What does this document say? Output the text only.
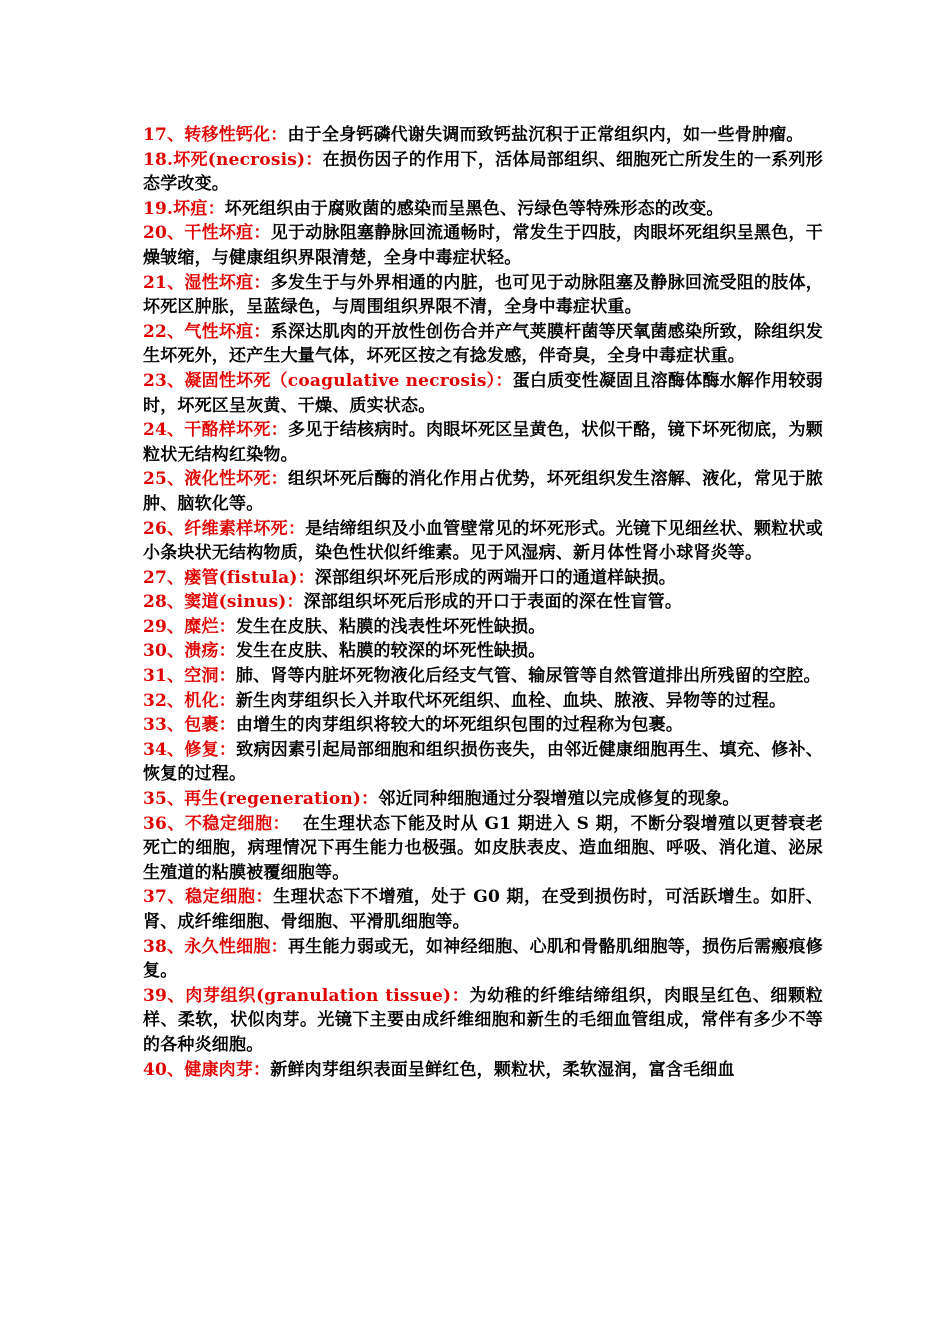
17、转移性钙化：由于全身钙磷代谢失调而致钙盐沉积于正常组织内，如一些骨肿瘤。

18.坏死(necrosis)：在损伤因子的作用下，活体局部组织、细胞死亡所发生的一系列形态学改变。

19.坏疽：坏死组织由于腐败菌的感染而呈黑色、污绿色等特殊形态的改变。

20、干性坏疽：见于动脉阻塞静脉回流通畅时，常发生于四肢，肉眼坏死组织呈黑色，干燥皱缩，与健康组织界限清楚，全身中毒症状轻。

21、湿性坏疽：多发生于与外界相通的内脏，也可见于动脉阻塞及静脉回流受阻的肢体，坏死区肿胀，呈蓝绿色，与周围组织界限不清，全身中毒症状重。

22、气性坏疽：系深达肌肉的开放性创伤合并产气荚膜杆菌等厌氧菌感染所致，除组织发生坏死外，还产生大量气体，坏死区按之有捻发感，伴奇臭，全身中毒症状重。

23、凝固性坏死（coagulative necrosis）：蛋白质变性凝固且溶酶体酶水解作用较弱时，坏死区呈灰黄、干燥、质实状态。

24、干酪样坏死：多见于结核病时。肉眼坏死区呈黄色，状似干酪，镜下坏死彻底，为颗粒状无结构红染物。

25、液化性坏死：组织坏死后酶的消化作用占优势，坏死组织发生溶解、液化，常见于脓肿、脑软化等。

26、纤维素样坏死：是结缔组织及小血管壁常见的坏死形式。光镜下见细丝状、颗粒状或小条块状无结构物质，染色性状似纤维素。见于风湿病、新月体性肾小球肾炎等。

27、瘘管(fistula)：深部组织坏死后形成的两端开口的通道样缺损。

28、窦道(sinus)：深部组织坏死后形成的开口于表面的深在性盲管。

29、糜烂：发生在皮肤、粘膜的浅表性坏死性缺损。

30、溃疡：发生在皮肤、粘膜的较深的坏死性缺损。

31、空洞：肺、肾等内脏坏死物液化后经支气管、输尿管等自然管道排出所残留的空腔。

32、机化：新生肉芽组织长入并取代坏死组织、血栓、血块、脓液、异物等的过程。

33、包裹：由增生的肉芽组织将较大的坏死组织包围的过程称为包裹。

34、修复：致病因素引起局部细胞和组织损伤丧失，由邻近健康细胞再生、填充、修补、恢复的过程。

35、再生(regeneration)：邻近同种细胞通过分裂增殖以完成修复的现象。

36、不稳定细胞：  在生理状态下能及时从 G1 期进入 S 期，不断分裂增殖以更替衰老死亡的细胞，病理情况下再生能力也极强。如皮肤表皮、造血细胞、呼吸、消化道、泌尿生殖道的粘膜被覆细胞等。

37、稳定细胞：生理状态下不增殖，处于 G0 期，在受到损伤时，可活跃增生。如肝、肾、成纤维细胞、骨细胞、平滑肌细胞等。

38、永久性细胞：再生能力弱或无，如神经细胞、心肌和骨骼肌细胞等，损伤后需瘢痕修复。

39、肉芽组织(granulation tissue)：为幼稚的纤维结缔组织，肉眼呈红色、细颗粒样、柔软，状似肉芽。光镜下主要由成纤维细胞和新生的毛细血管组成，常伴有多少不等的各种炎细胞。

40、健康肉芽：新鲜肉芽组织表面呈鲜红色，颗粒状，柔软湿润，富含毛细血
